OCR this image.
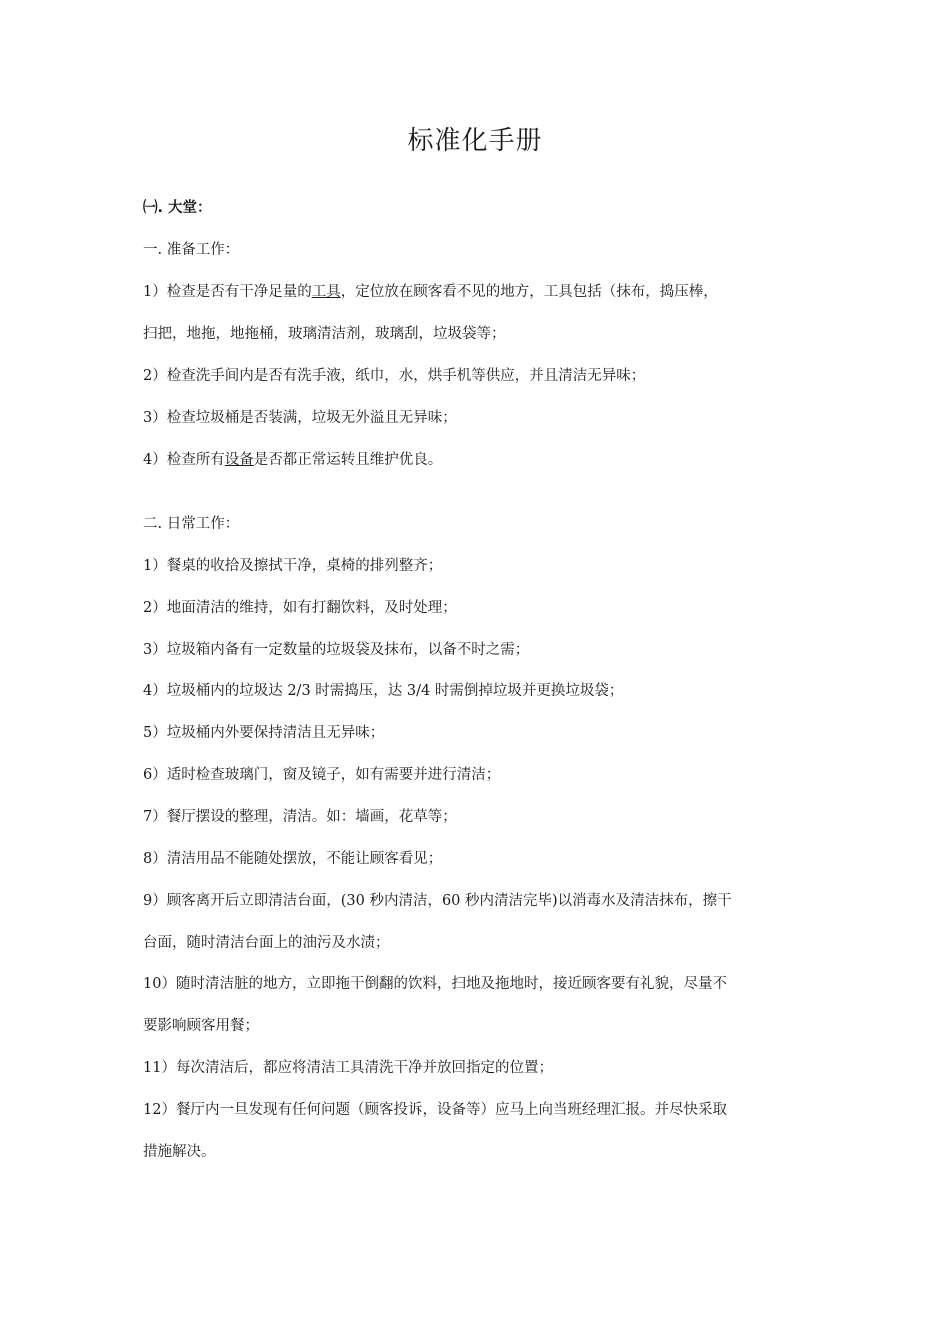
标准化手册
㈠. 大堂：
一. 准备工作：
1）检查是否有干净足量的工具，定位放在顾客看不见的地方，工具包括（抹布，捣压棒，
扫把，地拖，地拖桶，玻璃清洁剂，玻璃刮，垃圾袋等；
2）检查洗手间内是否有洗手液，纸巾，水，烘手机等供应，并且清洁无异味；
3）检查垃圾桶是否装满，垃圾无外溢且无异味；
4）检查所有设备是否都正常运转且维护优良。
二. 日常工作：
1）餐桌的收拾及擦拭干净，桌椅的排列整齐；
2）地面清洁的维持，如有打翻饮料，及时处理；
3）垃圾箱内备有一定数量的垃圾袋及抹布，以备不时之需；
4）垃圾桶内的垃圾达 2/3 时需捣压，达 3/4 时需倒掉垃圾并更换垃圾袋；
5）垃圾桶内外要保持清洁且无异味；
6）适时检查玻璃门，窗及镜子，如有需要并进行清洁；
7）餐厅摆设的整理，清洁。如：墙画，花草等；
8）清洁用品不能随处摆放，不能让顾客看见；
9）顾客离开后立即清洁台面，(30 秒内清洁，60 秒内清洁完毕)以消毒水及清洁抹布，擦干
台面，随时清洁台面上的油污及水渍；
10）随时清洁脏的地方，立即拖干倒翻的饮料，扫地及拖地时，接近顾客要有礼貌，尽量不
要影响顾客用餐；
11）每次清洁后，都应将清洁工具清洗干净并放回指定的位置；
12）餐厅内一旦发现有任何问题（顾客投诉，设备等）应马上向当班经理汇报。并尽快采取
措施解决。
